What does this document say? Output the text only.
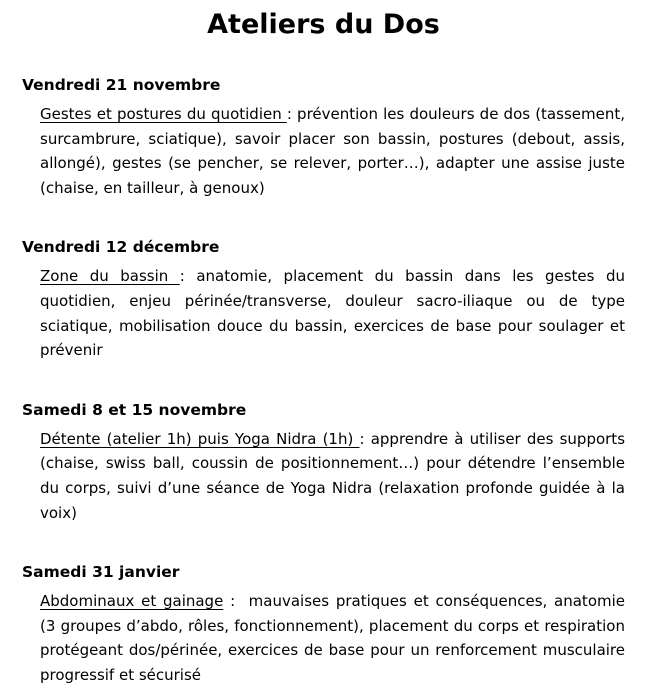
Ateliers du Dos
Vendredi 21 novembre

Gestes et postures du quotidien : prévention les douleurs de dos (tassement, surcambrure, sciatique), savoir placer son bassin, postures (debout, assis, allongé), gestes (se pencher, se relever, porter…), adapter une assise juste (chaise, en tailleur, à genoux)

Vendredi 12 décembre

Zone du bassin : anatomie, placement du bassin dans les gestes du quotidien, enjeu périnée/transverse, douleur sacro-iliaque ou de type sciatique, mobilisation douce du bassin, exercices de base pour soulager et prévenir

Samedi 8 et 15 novembre

Détente (atelier 1h) puis Yoga Nidra (1h) : apprendre à utiliser des supports (chaise, swiss ball, coussin de positionnement…) pour détendre l’ensemble du corps, suivi d’une séance de Yoga Nidra (relaxation profonde guidée à la voix)

Samedi 31 janvier

Abdominaux et gainage :  mauvaises pratiques et conséquences, anatomie (3 groupes d’abdo, rôles, fonctionnement), placement du corps et respiration protégeant dos/périnée, exercices de base pour un renforcement musculaire progressif et sécurisé
